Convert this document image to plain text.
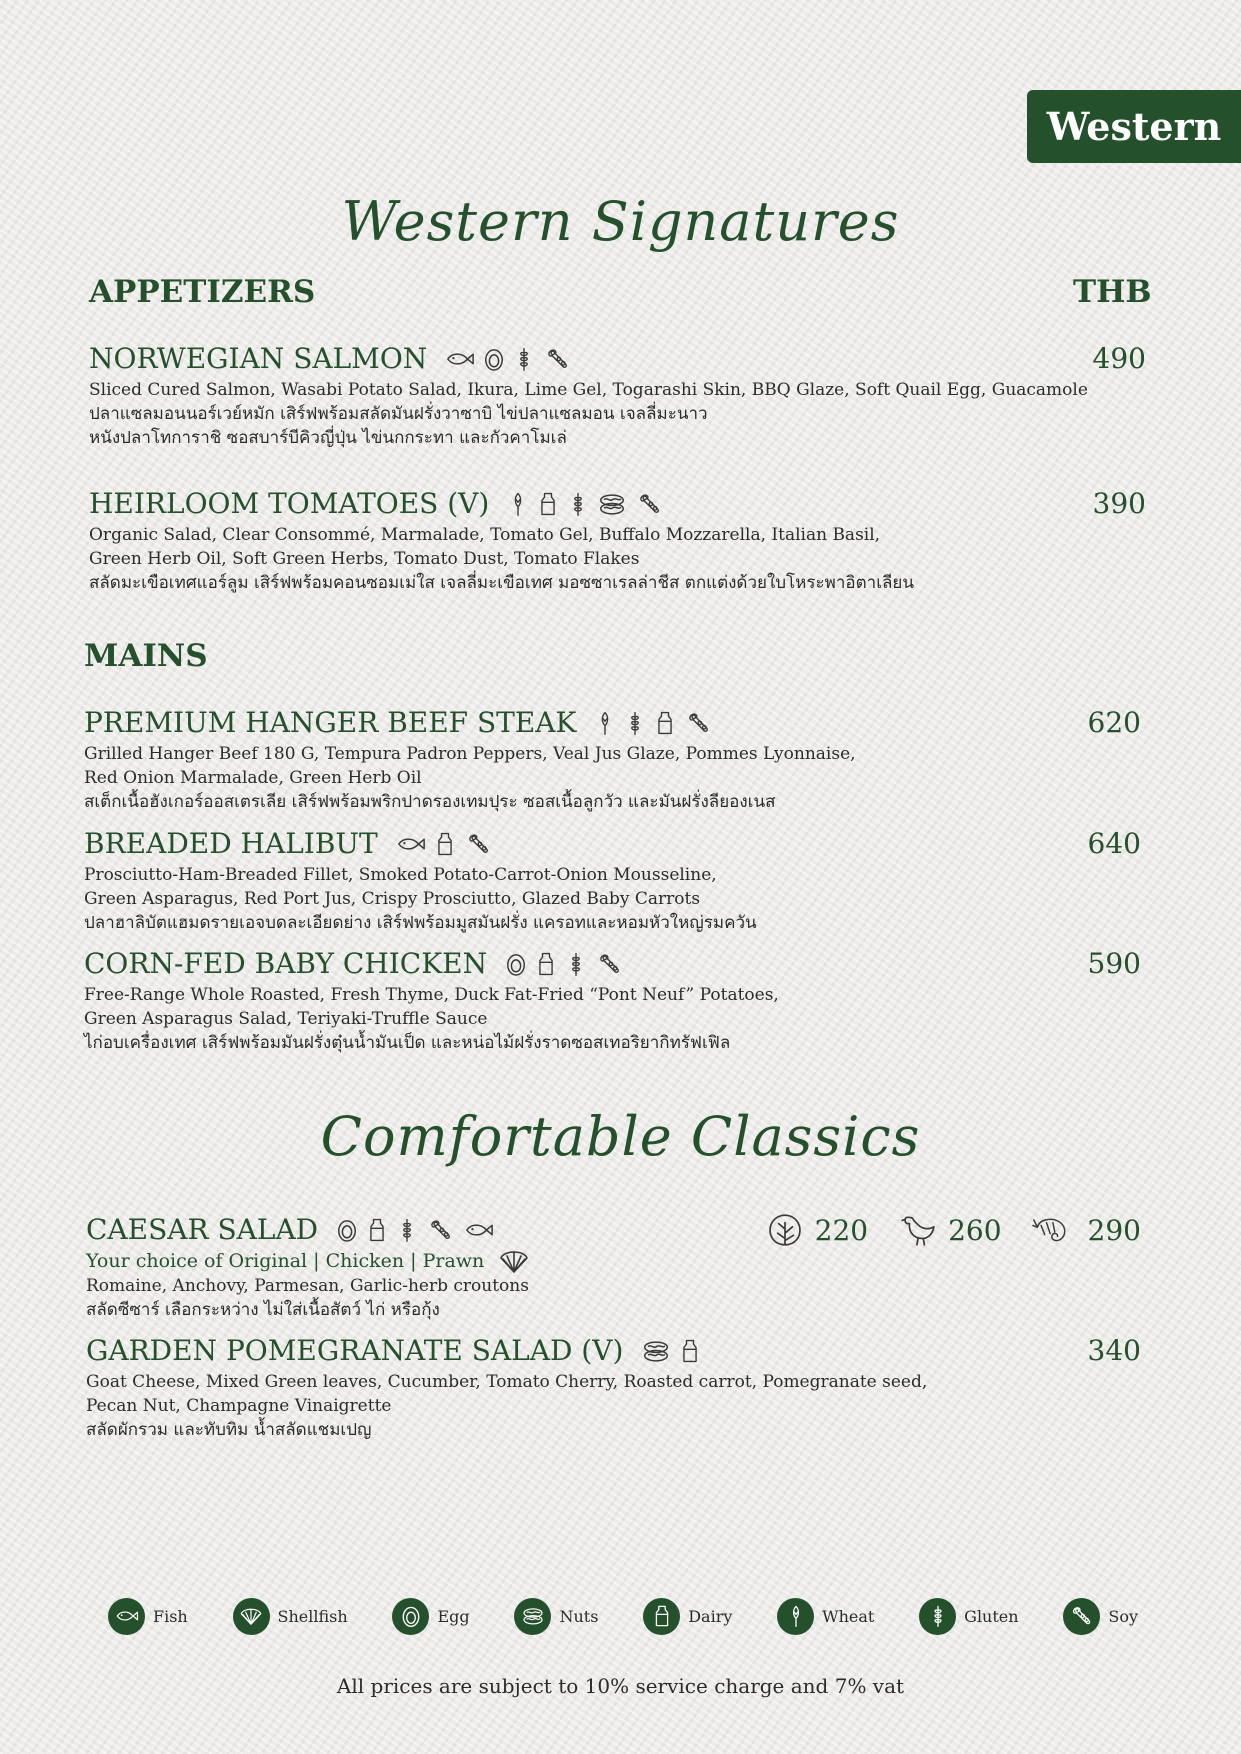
Western
Western Signatures
APPETIZERS	THB
NORWEGIAN SALMON	490
Sliced Cured Salmon, Wasabi Potato Salad, Ikura, Lime Gel, Togarashi Skin, BBQ Glaze, Soft Quail Egg, Guacamole
ปลาแซลมอนนอร์เวย์หมัก เสิร์ฟพร้อมสลัดมันฝรั่งวาซาบิ ไข่ปลาแซลมอน เจลลี่มะนาว
หนังปลาโทการาชิ ซอสบาร์บีคิวญี่ปุ่น ไข่นกกระทา และกัวคาโมเล่
HEIRLOOM TOMATOES (V)	390
Organic Salad, Clear Consommé, Marmalade, Tomato Gel, Buffalo Mozzarella, Italian Basil,
Green Herb Oil, Soft Green Herbs, Tomato Dust, Tomato Flakes
สลัดมะเขือเทศแอร์ลูม เสิร์ฟพร้อมคอนซอมเม่ใส เจลลี่มะเขือเทศ มอซซาเรลล่าชีส ตกแต่งด้วยใบโหระพาอิตาเลียน
MAINS
PREMIUM HANGER BEEF STEAK	620
Grilled Hanger Beef 180 G, Tempura Padron Peppers, Veal Jus Glaze, Pommes Lyonnaise,
Red Onion Marmalade, Green Herb Oil
สเต็กเนื้อฮังเกอร์ออสเตรเลีย เสิร์ฟพร้อมพริกปาดรองเทมปุระ ซอสเนื้อลูกวัว และมันฝรั่งลียองเนส
BREADED HALIBUT	640
Prosciutto-Ham-Breaded Fillet, Smoked Potato-Carrot-Onion Mousseline,
Green Asparagus, Red Port Jus, Crispy Prosciutto, Glazed Baby Carrots
ปลาฮาลิบัตแฮมดรายเอจบดละเอียดย่าง เสิร์ฟพร้อมมูสมันฝรั่ง แครอทและหอมหัวใหญ่รมควัน
CORN-FED BABY CHICKEN	590
Free-Range Whole Roasted, Fresh Thyme, Duck Fat-Fried “Pont Neuf” Potatoes,
Green Asparagus Salad, Teriyaki-Truffle Sauce
ไก่อบเครื่องเทศ เสิร์ฟพร้อมมันฝรั่งตุ๋นน้ำมันเป็ด และหน่อไม้ฝรั่งราดซอสเทอริยากิทรัฟเฟิล
Comfortable Classics
CAESAR SALAD	220	260	290
Your choice of Original | Chicken | Prawn
Romaine, Anchovy, Parmesan, Garlic-herb croutons
สลัดซีซาร์ เลือกระหว่าง ไม่ใส่เนื้อสัตว์ ไก่ หรือกุ้ง
GARDEN POMEGRANATE SALAD (V)	340
Goat Cheese, Mixed Green leaves, Cucumber, Tomato Cherry, Roasted carrot, Pomegranate seed,
Pecan Nut, Champagne Vinaigrette
สลัดผักรวม และทับทิม น้ำสลัดแชมเปญ
Fish	Shellfish	Egg	Nuts	Dairy	Wheat	Gluten	Soy
All prices are subject to 10% service charge and 7% vat
